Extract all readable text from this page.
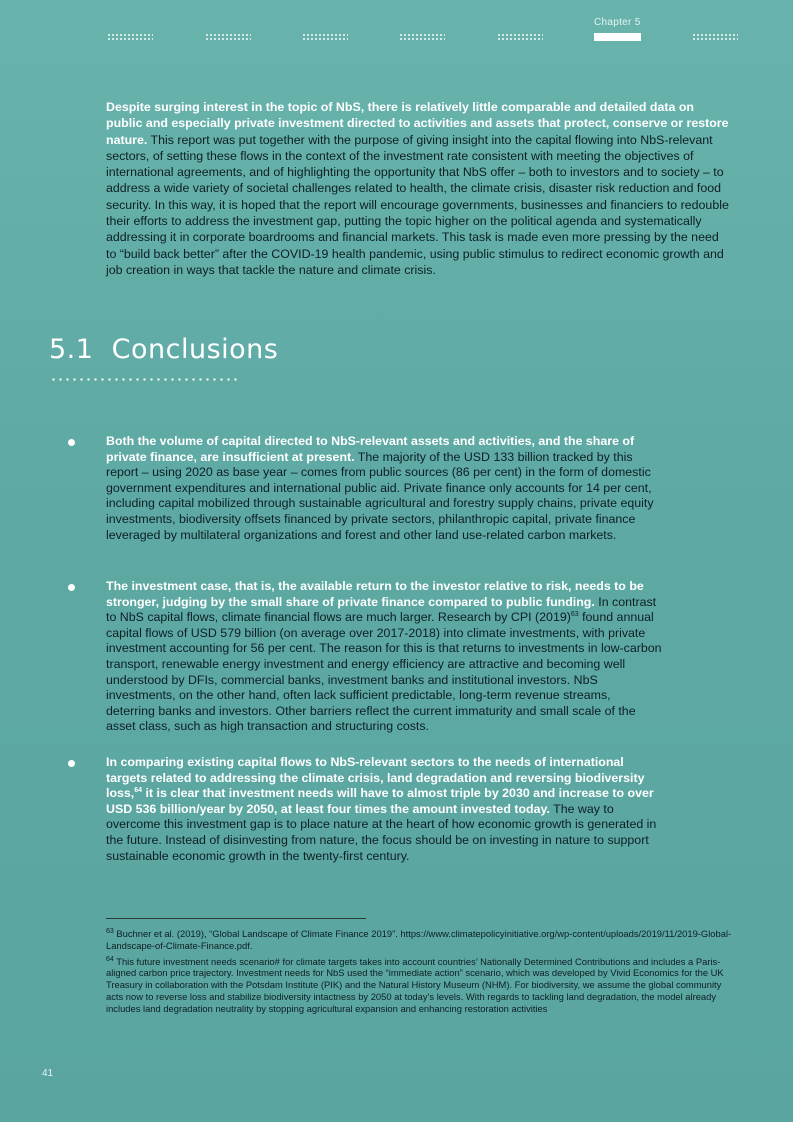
Chapter 5

Despite surging interest in the topic of NbS, there is relatively little comparable and detailed data on public and especially private investment directed to activities and assets that protect, conserve or restore nature. This report was put together with the purpose of giving insight into the capital flowing into NbS-relevant sectors, of setting these flows in the context of the investment rate consistent with meeting the objectives of international agreements, and of highlighting the opportunity that NbS offer – both to investors and to society – to address a wide variety of societal challenges related to health, the climate crisis, disaster risk reduction and food security. In this way, it is hoped that the report will encourage governments, businesses and financiers to redouble their efforts to address the investment gap, putting the topic higher on the political agenda and systematically addressing it in corporate boardrooms and financial markets. This task is made even more pressing by the need to “build back better” after the COVID-19 health pandemic, using public stimulus to redirect economic growth and job creation in ways that tackle the nature and climate crisis.

5.1 Conclusions
Both the volume of capital directed to NbS-relevant assets and activities, and the share of private finance, are insufficient at present. The majority of the USD 133 billion tracked by this report – using 2020 as base year – comes from public sources (86 per cent) in the form of domestic government expenditures and international public aid. Private finance only accounts for 14 per cent, including capital mobilized through sustainable agricultural and forestry supply chains, private equity investments, biodiversity offsets financed by private sectors, philanthropic capital, private finance leveraged by multilateral organizations and forest and other land use-related carbon markets.
The investment case, that is, the available return to the investor relative to risk, needs to be stronger, judging by the small share of private finance compared to public funding. In contrast to NbS capital flows, climate financial flows are much larger. Research by CPI $(2019)^{63}$ found annual capital flows of USD 579 billion (on average over 2017-2018) into climate investments, with private investment accounting for 56 per cent. The reason for this is that returns to investments in low-carbon transport, renewable energy investment and energy efficiency are attractive and becoming well understood by DFIs, commercial banks, investment banks and institutional investors. NbS investments, on the other hand, often lack sufficient predictable, long-term revenue streams, deterring banks and investors. Other barriers reflect the current immaturity and small scale of the asset class, such as high transaction and structuring costs.
In comparing existing capital flows to NbS-relevant sectors to the needs of international targets related to addressing the climate crisis, land degradation and reversing biodiversity loss,$^{64}$ it is clear that investment needs will have to almost triple by 2030 and increase to over USD 536 billion/year by 2050, at least four times the amount invested today. The way to overcome this investment gap is to place nature at the heart of how economic growth is generated in the future. Instead of disinvesting from nature, the focus should be on investing in nature to support sustainable economic growth in the twenty-first century.

$^{63}$ Buchner et al. (2019), “Global Landscape of Climate Finance 2019”. https://www.climatepolicyinitiative.org/wp-content/uploads/2019/11/2019-Global-Landscape-of-Climate-Finance.pdf.

$^{64}$ This future investment needs scenario# for climate targets takes into account countries’ Nationally Determined Contributions and includes a Paris-aligned carbon price trajectory. Investment needs for NbS used the “immediate action” scenario, which was developed by Vivid Economics for the UK Treasury in collaboration with the Potsdam Institute (PIK) and the Natural History Museum (NHM). For biodiversity, we assume the global community acts now to reverse loss and stabilize biodiversity intactness by 2050 at today’s levels. With regards to tackling land degradation, the model already includes land degradation neutrality by stopping agricultural expansion and enhancing restoration activities

41
